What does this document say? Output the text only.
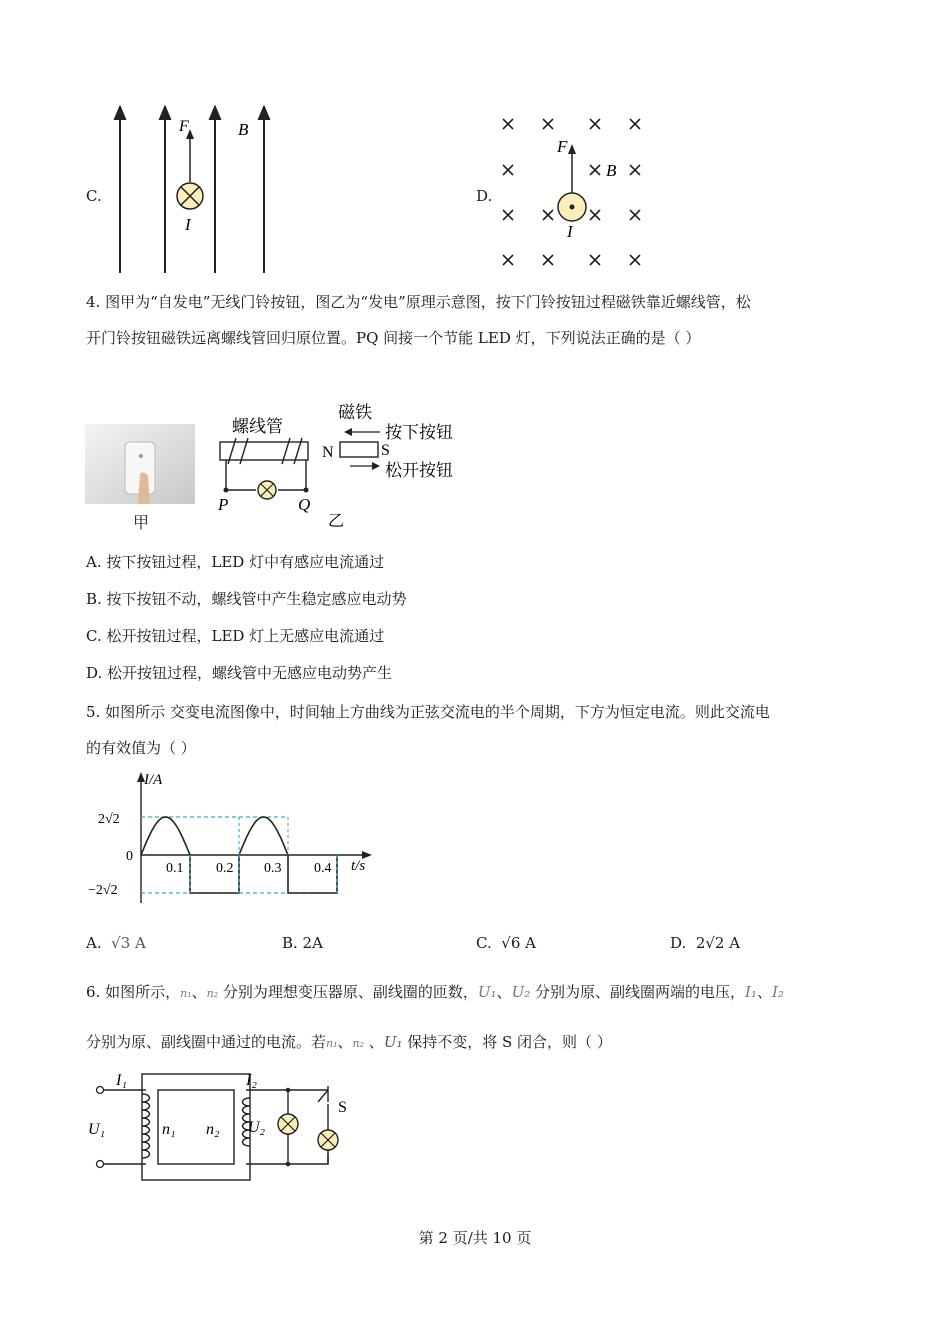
C.
F	B
I
D.
F
B
I
4. 图甲为“自发电”无线门铃按钮，图乙为“发电”原理示意图，按下门铃按钮过程磁铁靠近螺线管，松
开门铃按钮磁铁远离螺线管回归原位置。PQ 间接一个节能 LED 灯，下列说法正确的是（ ）
甲
螺线管
磁铁
N	S
按下按钮
松开按钮
P	Q
乙
A. 按下按钮过程，LED 灯中有感应电流通过
B. 按下按钮不动，螺线管中产生稳定感应电动势
C. 松开按钮过程，LED 灯上无感应电流通过
D. 松开按钮过程，螺线管中无感应电动势产生
5. 如图所示 交变电流图像中，时间轴上方曲线为正弦交流电的半个周期，下方为恒定电流。则此交流电
的有效值为（ ）
I/A
t/s
0
2√2
−2√2
0.1 0.2 0.3 0.4
A. √3 A	B. 2A	C. √6 A	D. 2√2 A
6. 如图所示，n₁、n₂ 分别为理想变压器原、副线圈的匝数，U₁、U₂ 分别为原、副线圈两端的电压，I₁、I₂
分别为原、副线圈中通过的电流。若n₁、n₂ 、U₁ 保持不变，将 S 闭合，则（ ）
I₁	I₂
U₁	U₂
n₁ n₂
S
第 2 页/共 10 页
